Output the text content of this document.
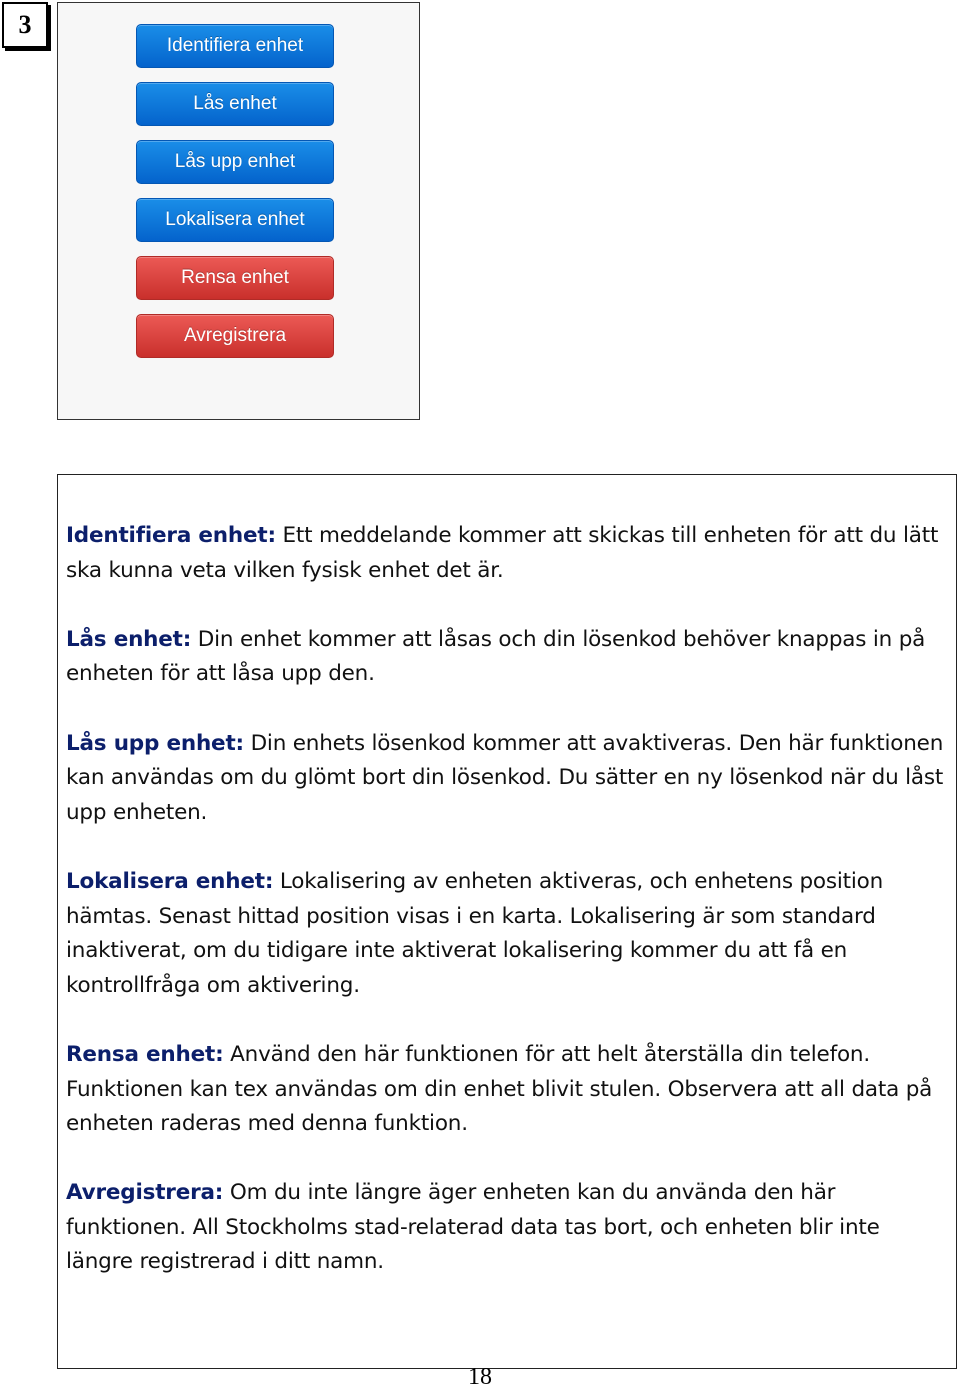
3
Identifiera enhet
Lås enhet
Lås upp enhet
Lokalisera enhet
Rensa enhet
Avregistrera

Identifiera enhet: Ett meddelande kommer att skickas till enheten för att du lätt ska kunna veta vilken fysisk enhet det är.

Lås enhet: Din enhet kommer att låsas och din lösenkod behöver knappas in på enheten för att låsa upp den.

Lås upp enhet: Din enhets lösenkod kommer att avaktiveras. Den här funktionen kan användas om du glömt bort din lösenkod. Du sätter en ny lösenkod när du låst upp enheten.

Lokalisera enhet: Lokalisering av enheten aktiveras, och enhetens position hämtas. Senast hittad position visas i en karta. Lokalisering är som standard inaktiverat, om du tidigare inte aktiverat lokalisering kommer du att få en kontrollfråga om aktivering.

Rensa enhet: Använd den här funktionen för att helt återställa din telefon. Funktionen kan tex användas om din enhet blivit stulen. Observera att all data på enheten raderas med denna funktion.

Avregistrera: Om du inte längre äger enheten kan du använda den här funktionen. All Stockholms stad-relaterad data tas bort, och enheten blir inte längre registrerad i ditt namn.

18
